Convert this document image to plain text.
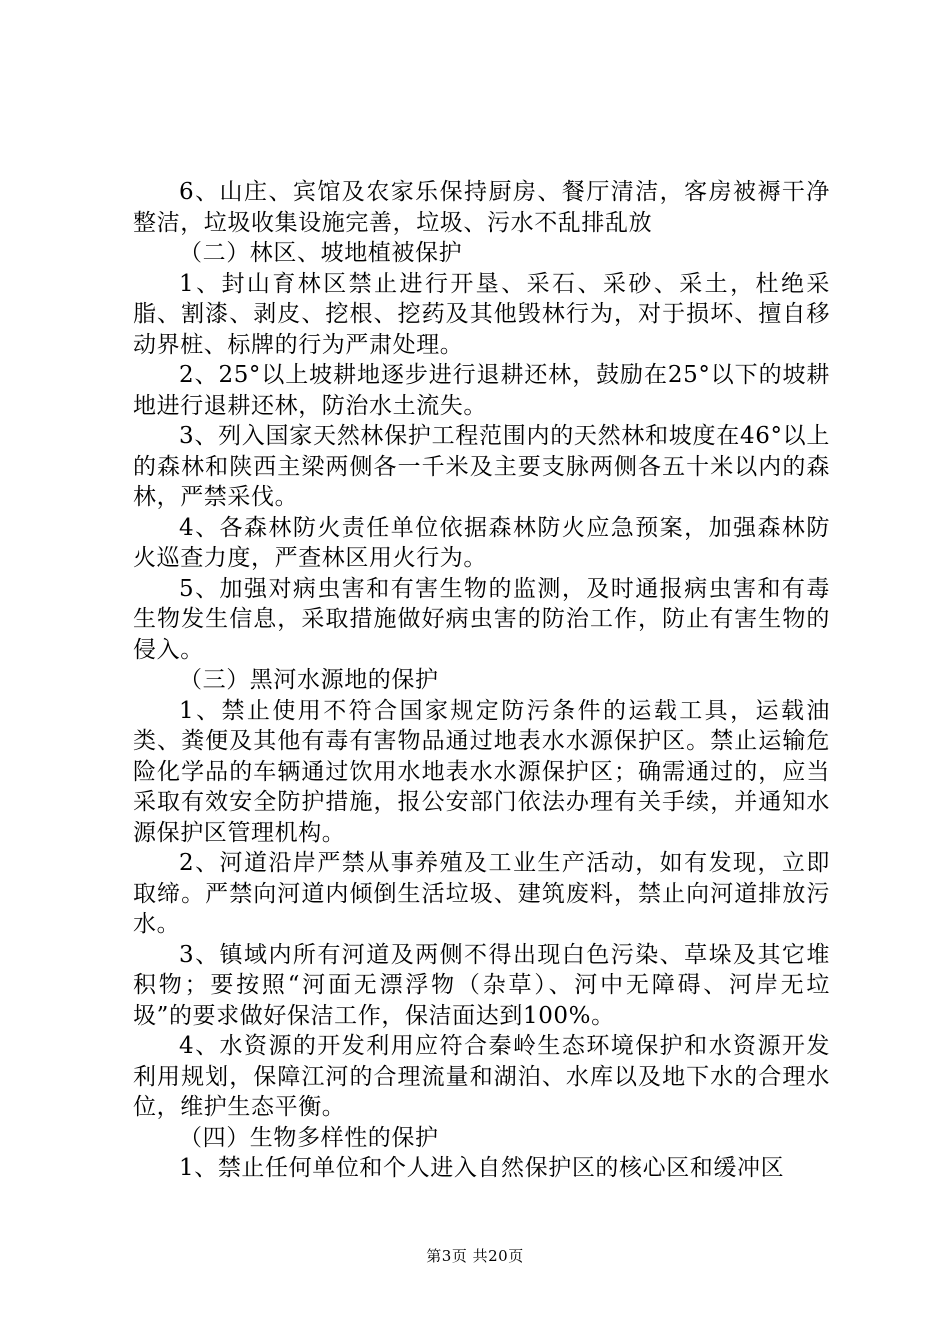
6、山庄、宾馆及农家乐保持厨房、餐厅清洁，客房被褥干净整洁，垃圾收集设施完善，垃圾、污水不乱排乱放

（二）林区、坡地植被保护

1、封山育林区禁止进行开垦、采石、采砂、采土，杜绝采脂、割漆、剥皮、挖根、挖药及其他毁林行为，对于损坏、擅自移动界桩、标牌的行为严肃处理。

2、25°以上坡耕地逐步进行退耕还林，鼓励在25°以下的坡耕地进行退耕还林，防治水土流失。

3、列入国家天然林保护工程范围内的天然林和坡度在46°以上的森林和陕西主梁两侧各一千米及主要支脉两侧各五十米以内的森林，严禁采伐。

4、各森林防火责任单位依据森林防火应急预案，加强森林防火巡查力度，严查林区用火行为。

5、加强对病虫害和有害生物的监测，及时通报病虫害和有毒生物发生信息，采取措施做好病虫害的防治工作，防止有害生物的侵入。

（三）黑河水源地的保护

1、禁止使用不符合国家规定防污条件的运载工具，运载油类、粪便及其他有毒有害物品通过地表水水源保护区。禁止运输危险化学品的车辆通过饮用水地表水水源保护区；确需通过的，应当采取有效安全防护措施，报公安部门依法办理有关手续，并通知水源保护区管理机构。

2、河道沿岸严禁从事养殖及工业生产活动，如有发现，立即取缔。严禁向河道内倾倒生活垃圾、建筑废料，禁止向河道排放污水。

3、镇域内所有河道及两侧不得出现白色污染、草垛及其它堆积物；要按照“河面无漂浮物（杂草）、河中无障碍、河岸无垃圾”的要求做好保洁工作，保洁面达到100%。

4、水资源的开发利用应符合秦岭生态环境保护和水资源开发利用规划，保障江河的合理流量和湖泊、水库以及地下水的合理水位，维护生态平衡。

（四）生物多样性的保护

1、禁止任何单位和个人进入自然保护区的核心区和缓冲区

第3页 共20页
